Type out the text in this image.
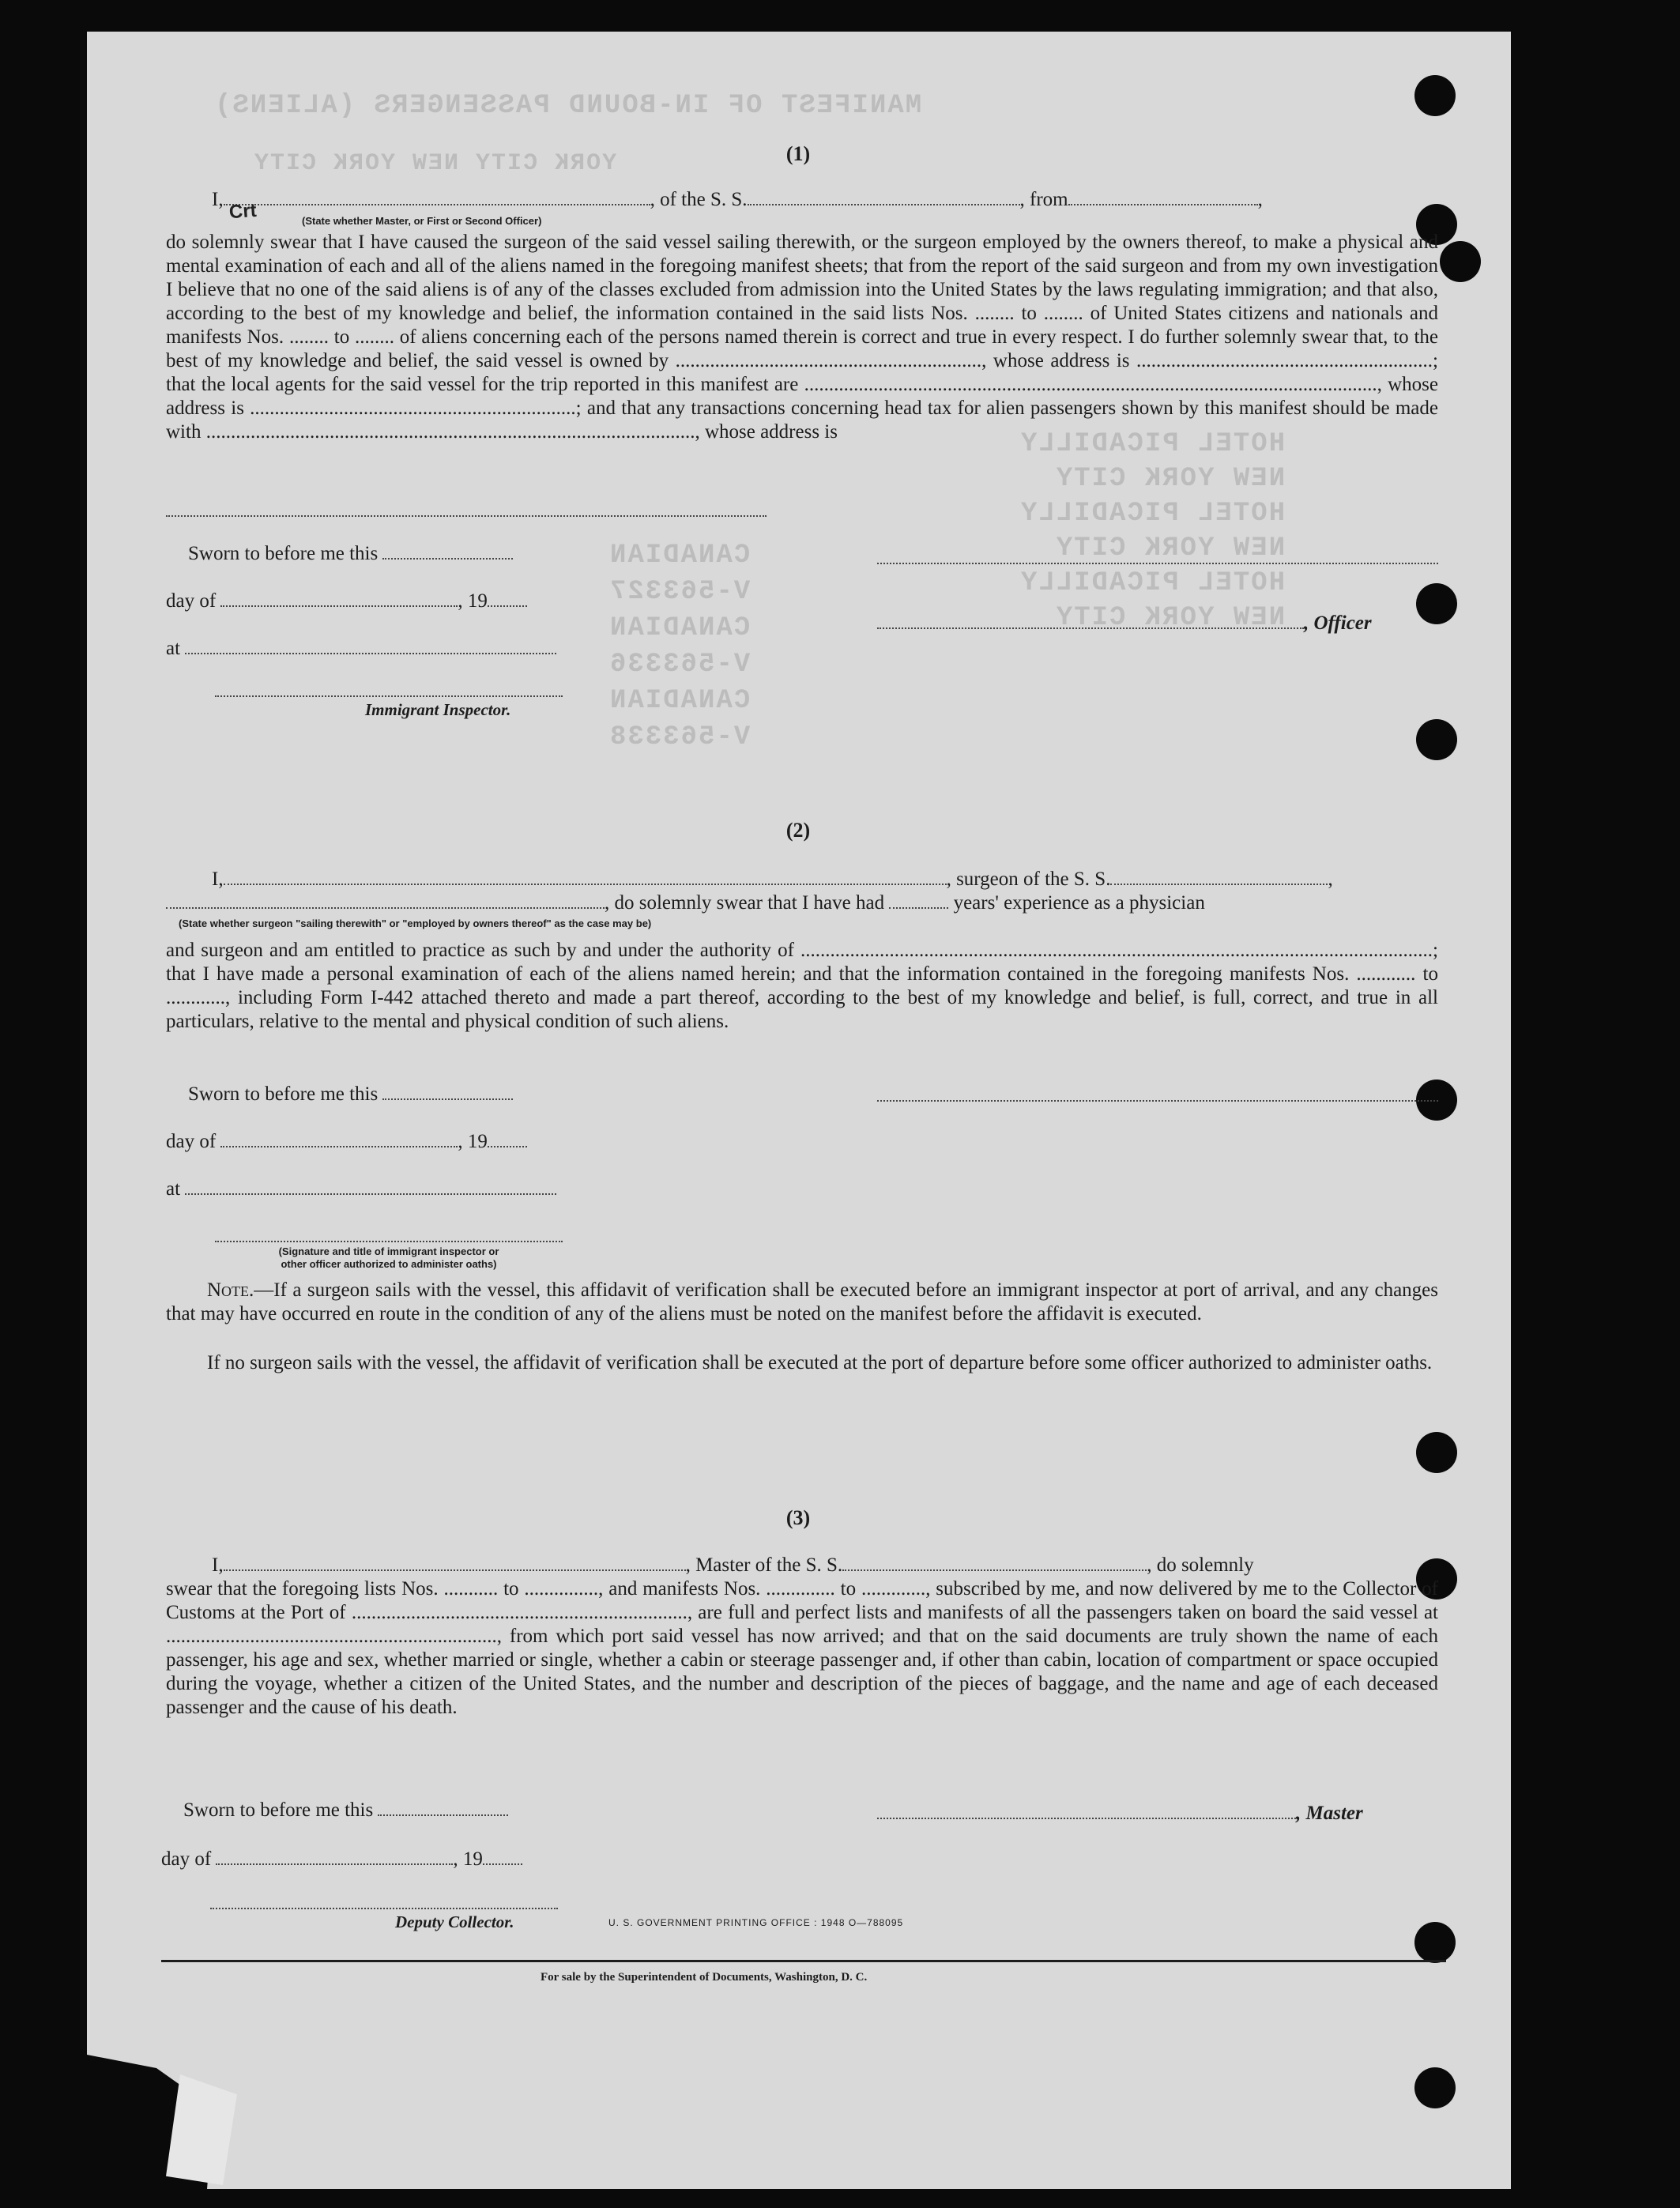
MANIFEST OF IN-BOUND PASSENGERS (ALIENS)
YORK CITY NEW YORK CITY
HOTEL PICADILLY
NEW YORK CITY
HOTEL PICADILLY
NEW YORK CITY
HOTEL PICADILLY
NEW YORK CITY
CANADIAN
V-563327
CANADIAN
V-563336
CANADIAN
V-563338
(1)
I,	, of the S. S.	, from	,
Crt	(State whether Master, or First or Second Officer)
do solemnly swear that I have caused the surgeon of the said vessel sailing therewith, or the surgeon employed by the owners thereof, to make a physical and mental examination of each and all of the aliens named in the foregoing manifest sheets; that from the report of the said surgeon and from my own investigation I believe that no one of the said aliens is of any of the classes excluded from admission into the United States by the laws regulating immigration; and that also, according to the best of my knowledge and belief, the information contained in the said lists Nos. ........ to ........ of United States citizens and nationals and manifests Nos. ........ to ........ of aliens concerning each of the persons named therein is correct and true in every respect. I do further solemnly swear that, to the best of my knowledge and belief, the said vessel is owned by .............................................................., whose address is ............................................................; that the local agents for the said vessel for the trip reported in this manifest are ...................................................................................................................., whose address is ..................................................................; and that any transactions concerning head tax for alien passengers shown by this manifest should be made with ..................................................................................................., whose address is
Sworn to before me this
day of	, 19
, Officer
at
Immigrant Inspector.
(2)
I,	, surgeon of the S. S.	,
, do solemnly swear that I have had	years' experience as a physician
(State whether surgeon "sailing therewith" or "employed by owners thereof" as the case may be)
and surgeon and am entitled to practice as such by and under the authority of ................................................................................................................................; that I have made a personal examination of each of the aliens named herein; and that the information contained in the foregoing manifests Nos. ............ to ............, including Form I-442 attached thereto and made a part thereof, according to the best of my knowledge and belief, is full, correct, and true in all particulars, relative to the mental and physical condition of such aliens.
Sworn to before me this
day of	, 19
at
(Signature and title of immigrant inspector or
other officer authorized to administer oaths)
Note.—If a surgeon sails with the vessel, this affidavit of verification shall be executed before an immigrant inspector at port of arrival, and any changes that may have occurred en route in the condition of any of the aliens must be noted on the manifest before the affidavit is executed.
If no surgeon sails with the vessel, the affidavit of verification shall be executed at the port of departure before some officer authorized to administer oaths.
(3)
I,	, Master of the S. S.	, do solemnly
swear that the foregoing lists Nos. ........... to ..............., and manifests Nos. .............. to ............., subscribed by me, and now delivered by me to the Collector of Customs at the Port of ...................................................................., are full and perfect lists and manifests of all the passengers taken on board the said vessel at ..................................................................., from which port said vessel has now arrived; and that on the said documents are truly shown the name of each passenger, his age and sex, whether married or single, whether a cabin or steerage passenger and, if other than cabin, location of compartment or space occupied during the voyage, whether a citizen of the United States, and the number and description of the pieces of baggage, and the name and age of each deceased passenger and the cause of his death.
Sworn to before me this	, Master
day of	, 19
Deputy Collector.	U. S. GOVERNMENT PRINTING OFFICE : 1948 O—788095
For sale by the Superintendent of Documents, Washington, D. C.
